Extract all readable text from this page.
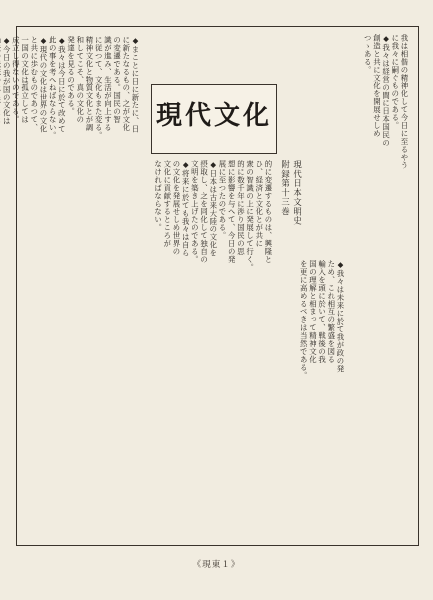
我は相偕の精神化して今日に至るやう
に我々に嗣ぐものである。
◆我々は経営の間に日本国民の
創造と共に文化を開展せしめ
つゝある。
◆我々は未来に於て我が政の発
ため、これ相互の繁盛を図る
輸入を頭に於いて、戦後の我
国の理解と相まって精神文化
を更に高めるべきは当然である。
的に変遷するものは、興隆と
ひ、経済と文化とが共に
衆の智識の上に発展して行く。
的に数千年に渉り国民の思
想に影響を与へて、今日の発
展に至つたのである。
◆日本は古来大陸の文化を
摂取し、之を同化して独自の
文明を築き上げたのである。
◆将来に於ても我々は自ら
の文化を発展せしめ世界の
文化に貢献するところが
なければならない。
◆まことに日に新たに、日
に新たなるもの、之が文化
の変遷である。国民の智
識が進み、生活が向上する
に従つて、文化もまた変る。
精神文化と物質文化とが調
和してこそ、真の文化の
発達を見るのである。
◆我々は今日に於て改めて
此の事を考へねばならない。
◆現代の文化は世界の文化
と共に歩むものであつて、
一国の文化は孤立しては
成立し得ないのである。
◆今日の我が国の文化は	現代文化
現代日本文明史
附録第十三巻
《現東１》
